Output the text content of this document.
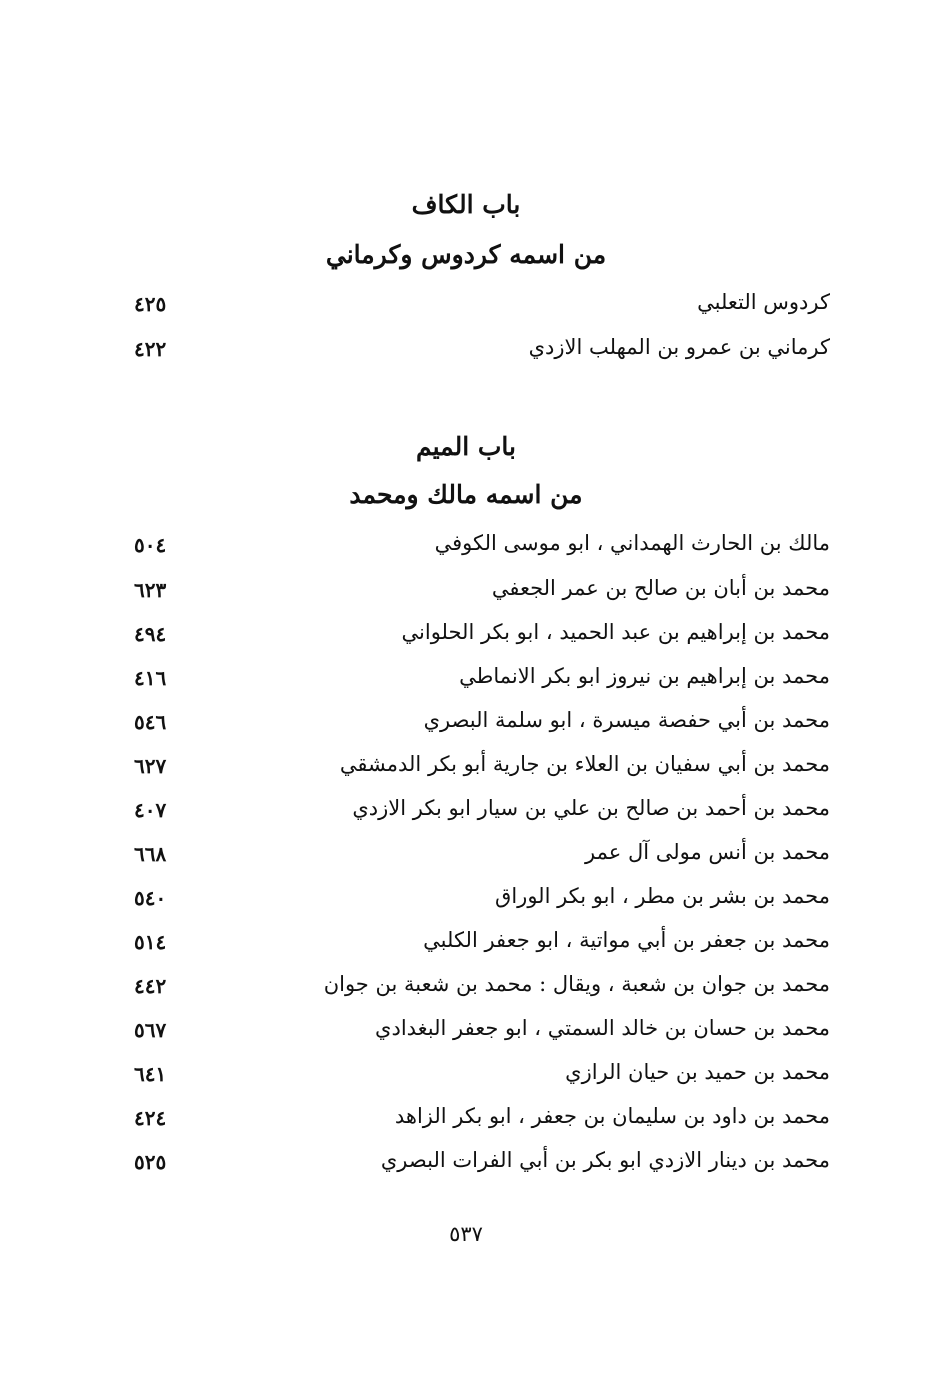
باب الكاف
من اسمه كردوس وكرماني
كردوس التعلبي
٤٢٥
كرماني بن عمرو بن المهلب الازدي
٤٢٢
باب الميم
من اسمه مالك ومحمد
مالك بن الحارث الهمداني ، ابو موسى الكوفي
٥٠٤
محمد بن أبان بن صالح بن عمر الجعفي
٦٢٣
محمد بن إبراهيم بن عبد الحميد ، ابو بكر الحلواني
٤٩٤
محمد بن إبراهيم بن نيروز ابو بكر الانماطي
٤١٦
محمد بن أبي حفصة ميسرة ، ابو سلمة البصري
٥٤٦
محمد بن أبي سفيان بن العلاء بن جارية أبو بكر الدمشقي
٦٢٧
محمد بن أحمد بن صالح بن علي بن سيار ابو بكر الازدي
٤٠٧
محمد بن أنس مولى آل عمر
٦٦٨
محمد بن بشر بن مطر ، ابو بكر الوراق
٥٤٠
محمد بن جعفر بن أبي مواتية ، ابو جعفر الكلبي
٥١٤
محمد بن جوان بن شعبة ، ويقال : محمد بن شعبة بن جوان
٤٤٢
محمد بن حسان بن خالد السمتي ، ابو جعفر البغدادي
٥٦٧
محمد بن حميد بن حيان الرازي
٦٤١
محمد بن داود بن سليمان بن جعفر ، ابو بكر الزاهد
٤٢٤
محمد بن دينار الازدي ابو بكر بن أبي الفرات البصري
٥٢٥
٥٣٧
